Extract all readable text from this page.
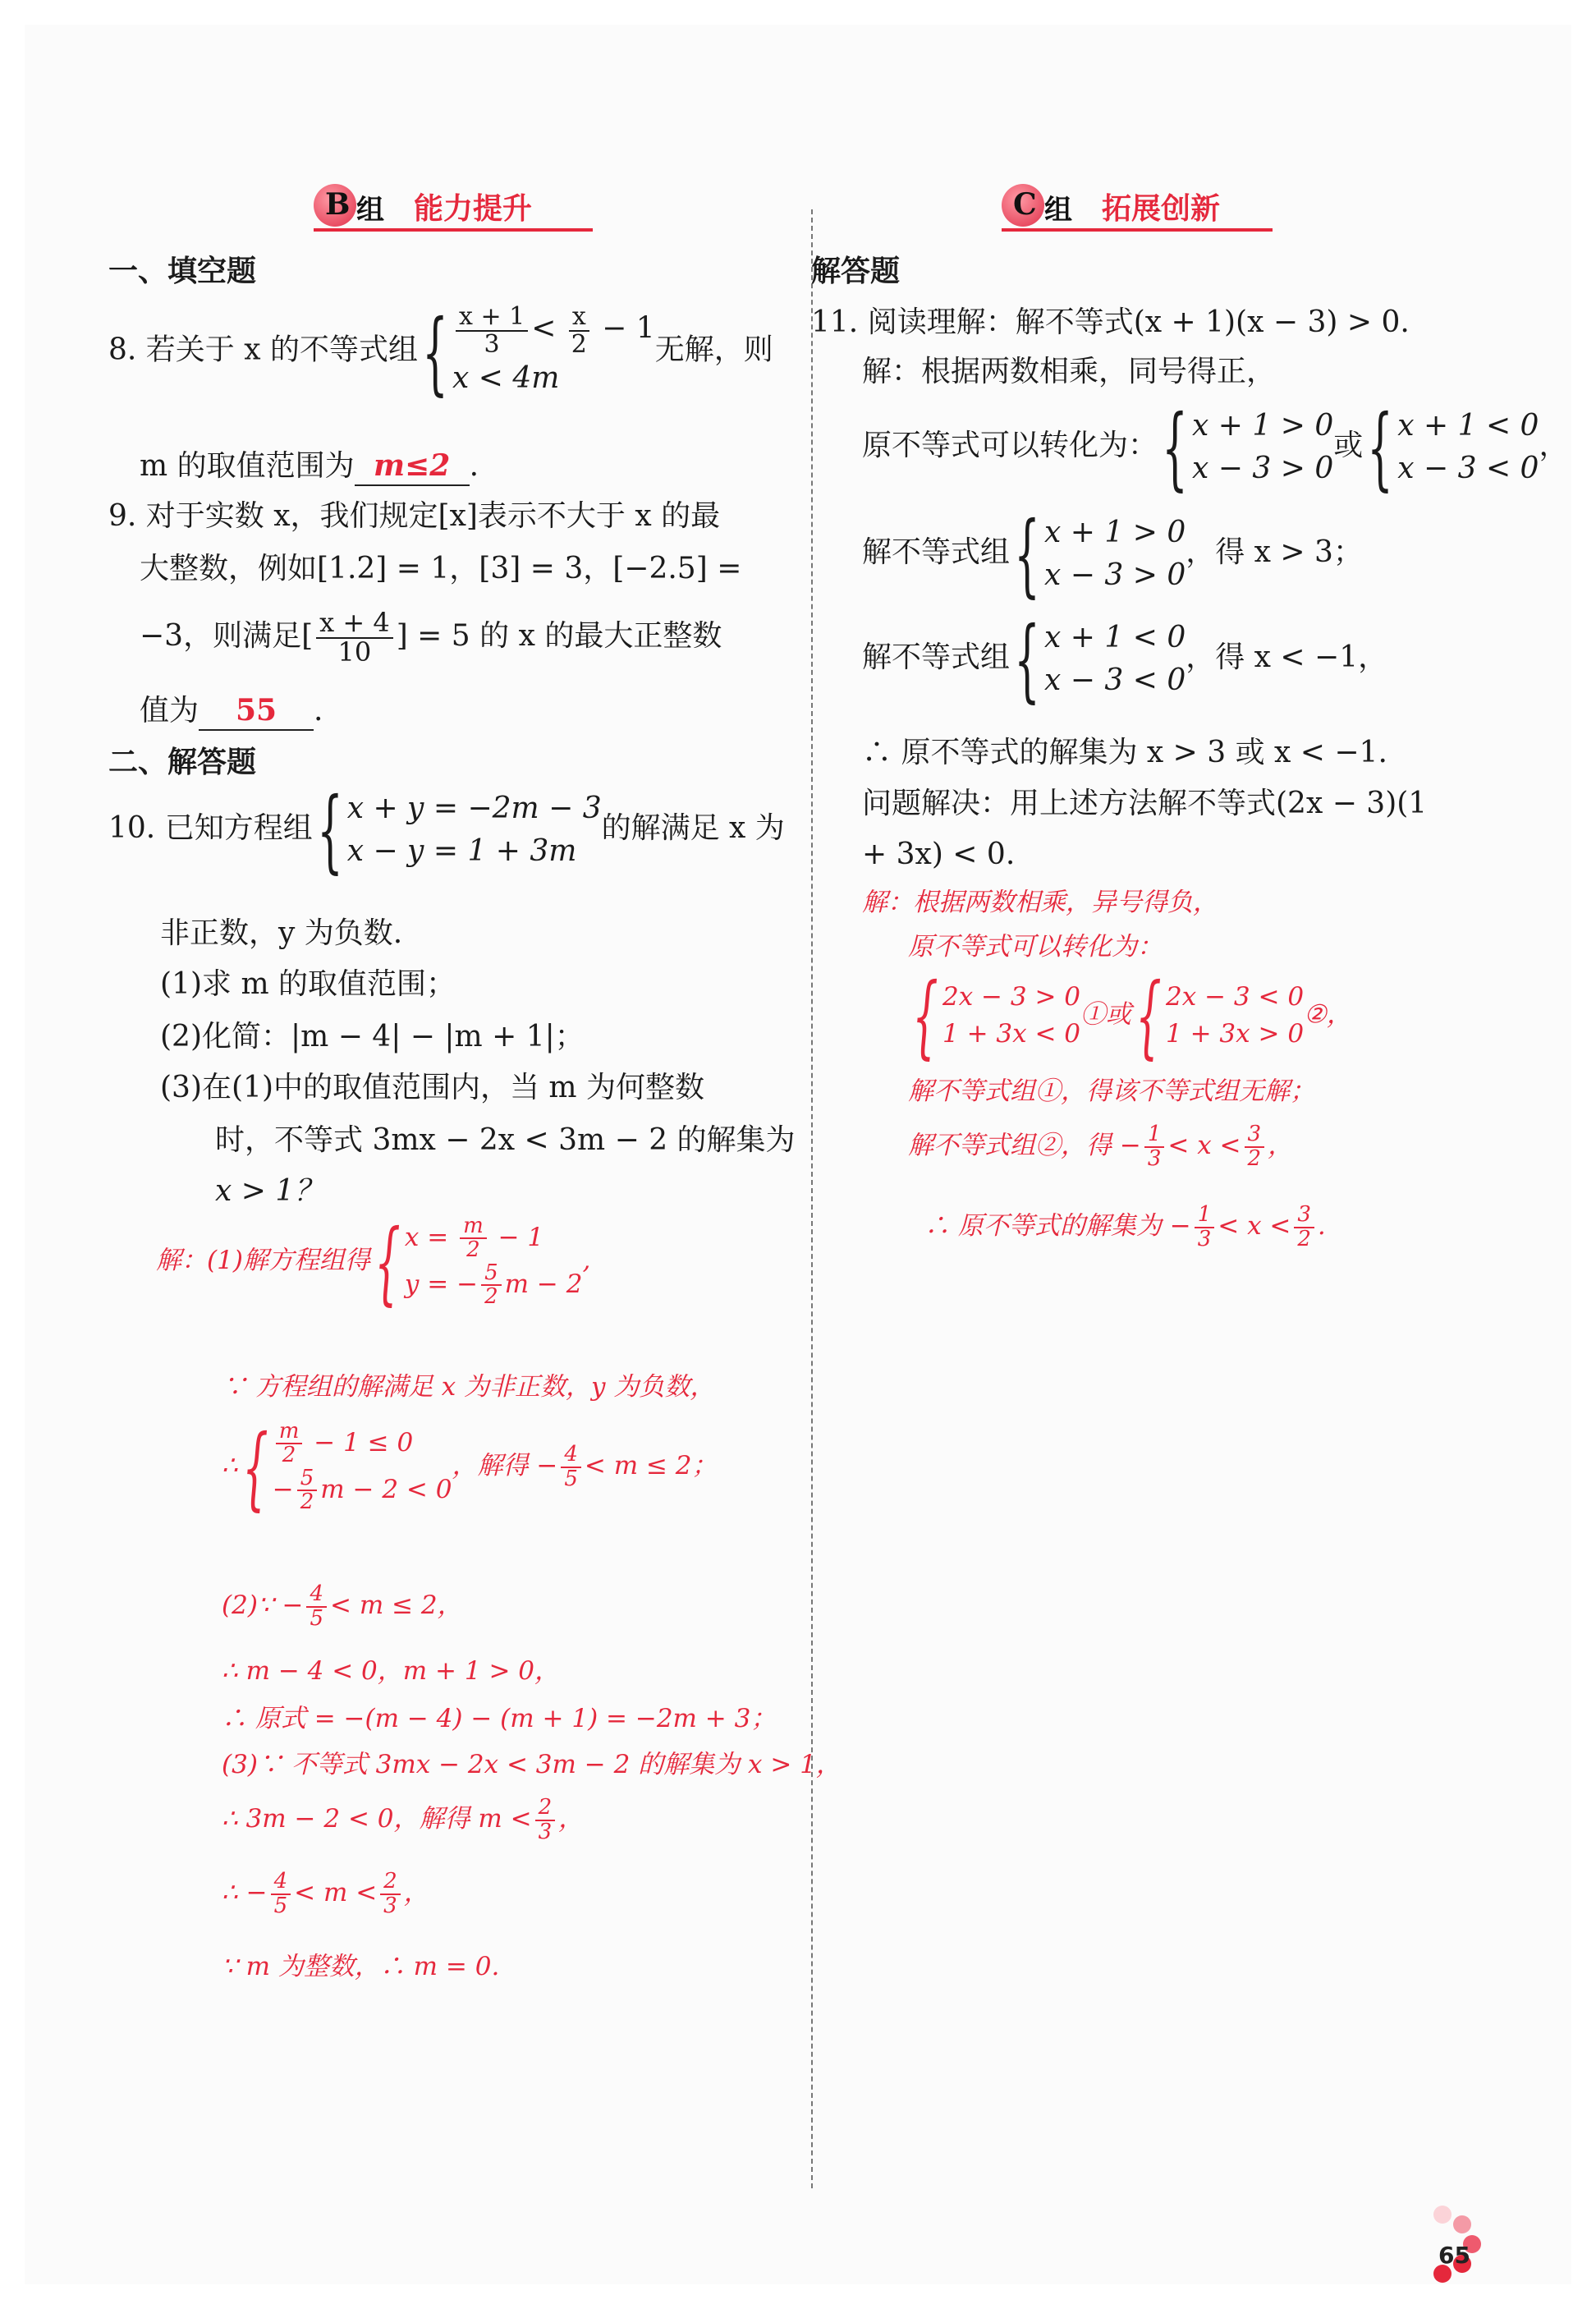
B 组 能力提升	C 组 拓展创新
一、填空题
8. 若关于 x 的不等式组{ $\frac{x + 1}{3} < \frac{x}{2} - 1$
x < 4m
无解，则
m 的取值范围为 m≤2 .
9. 对于实数 x，我们规定[x]表示不大于 x 的最
大整数，例如[1.2] = 1，[3] = 3，[−2.5] =
−3，则满足[ $\frac{x + 4}{10}$ ] = 5 的 x 的最大正整数
值为 55 .
二、解答题
10. 已知方程组{ x + y = −2m − 3
x − y = 1 + 3m
的解满足 x 为
非正数，y 为负数.
(1)求 m 的取值范围；
(2)化简：|m − 4| − |m + 1|；
(3)在(1)中的取值范围内，当 m 为何整数
时，不等式 3mx − 2x < 3m − 2 的解集为
x > 1？
解：(1)解方程组得{ $x = \frac{m}{2} - 1$
y = − $\frac{5}{2}$ m − 2
,
∵ 方程组的解满足 x 为非正数，y 为负数，
∴{ $\frac{m}{2} - 1 \le 0$
− $\frac{5}{2}$ m − 2 < 0
，解得 − $\frac{4}{5} < m \le 2$；
(2)∵ − $\frac{4}{5} < m \le 2$，
∴ m − 4 < 0，m + 1 > 0，
∴ 原式 = −(m − 4) − (m + 1) = −2m + 3；
(3)∵ 不等式 3mx − 2x < 3m − 2 的解集为 x > 1，
∴ 3m − 2 < 0，解得 $m < \frac{2}{3}$ ，
∴ − $\frac{4}{5} < m < \frac{2}{3}$ ，
∵ m 为整数，∴ m = 0.
解答题
11. 阅读理解：解不等式(x + 1)(x − 3) > 0.
解：根据两数相乘，同号得正，
原不等式可以转化为：{ x + 1 > 0
x − 3 > 0
或{ x + 1 < 0
x − 3 < 0
，
解不等式组{ x + 1 > 0
x − 3 > 0
，得 x > 3；
解不等式组{ x + 1 < 0
x − 3 < 0
，得 x < −1，
∴ 原不等式的解集为 x > 3 或 x < −1.
问题解决：用上述方法解不等式(2x − 3)(1
+ 3x) < 0.
解：根据两数相乘，异号得负，
原不等式可以转化为：
{ 2x − 3 > 0
1 + 3x < 0
①或{ 2x − 3 < 0
1 + 3x > 0
②，
解不等式组①，得该不等式组无解；
解不等式组②，得 − $\frac{1}{3} < x < \frac{3}{2}$ ，
∴ 原不等式的解集为 − $\frac{1}{3} < x < \frac{3}{2}$ .
65
